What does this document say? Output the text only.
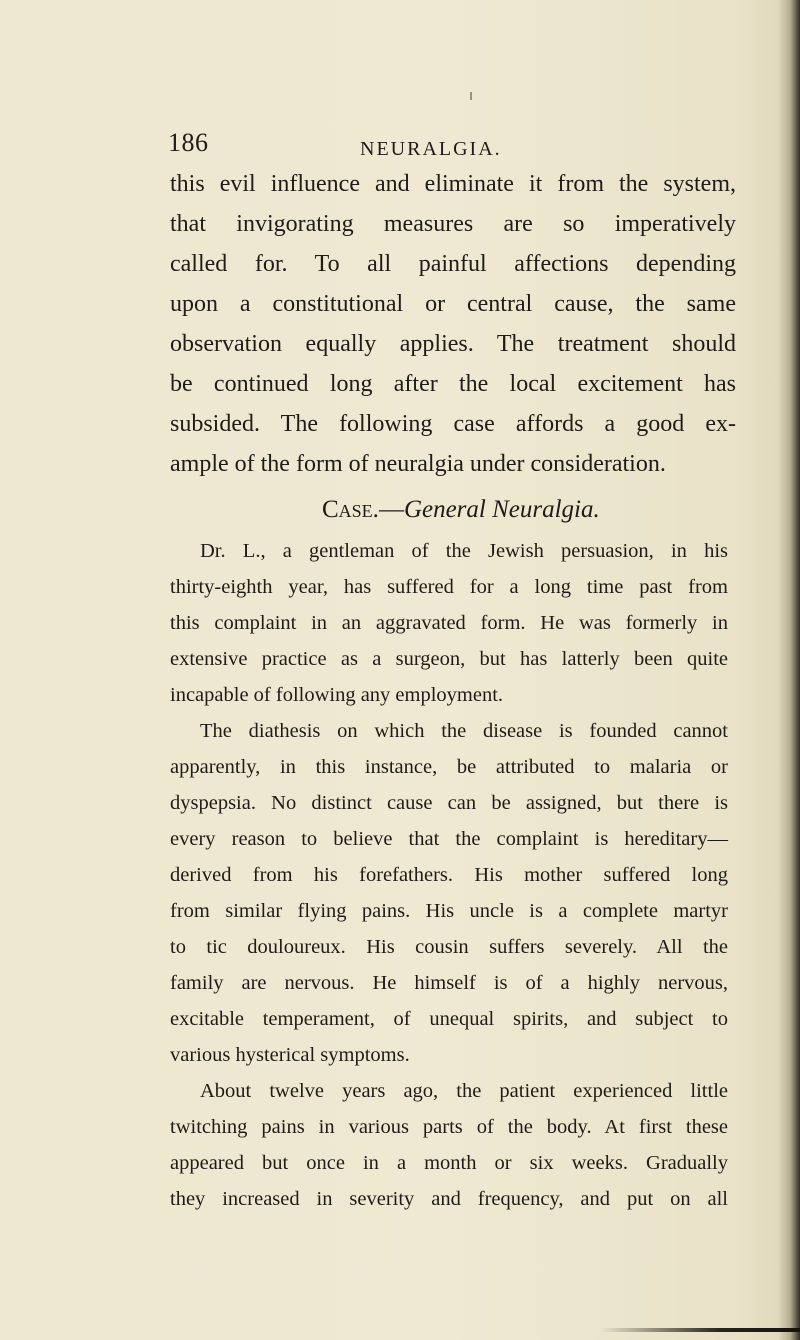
186	NEURALGIA.
this evil influence and eliminate it from the system,
that invigorating measures are so imperatively
called for. To all painful affections depending
upon a constitutional or central cause, the same
observation equally applies. The treatment should
be continued long after the local excitement has
subsided. The following case affords a good ex-
ample of the form of neuralgia under consideration.
Case.—General Neuralgia.
Dr. L., a gentleman of the Jewish persuasion, in his
thirty-eighth year, has suffered for a long time past from
this complaint in an aggravated form. He was formerly in
extensive practice as a surgeon, but has latterly been quite
incapable of following any employment.
The diathesis on which the disease is founded cannot
apparently, in this instance, be attributed to malaria or
dyspepsia. No distinct cause can be assigned, but there is
every reason to believe that the complaint is hereditary—
derived from his forefathers. His mother suffered long
from similar flying pains. His uncle is a complete martyr
to tic douloureux. His cousin suffers severely. All the
family are nervous. He himself is of a highly nervous,
excitable temperament, of unequal spirits, and subject to
various hysterical symptoms.
About twelve years ago, the patient experienced little
twitching pains in various parts of the body. At first these
appeared but once in a month or six weeks. Gradually
they increased in severity and frequency, and put on all
